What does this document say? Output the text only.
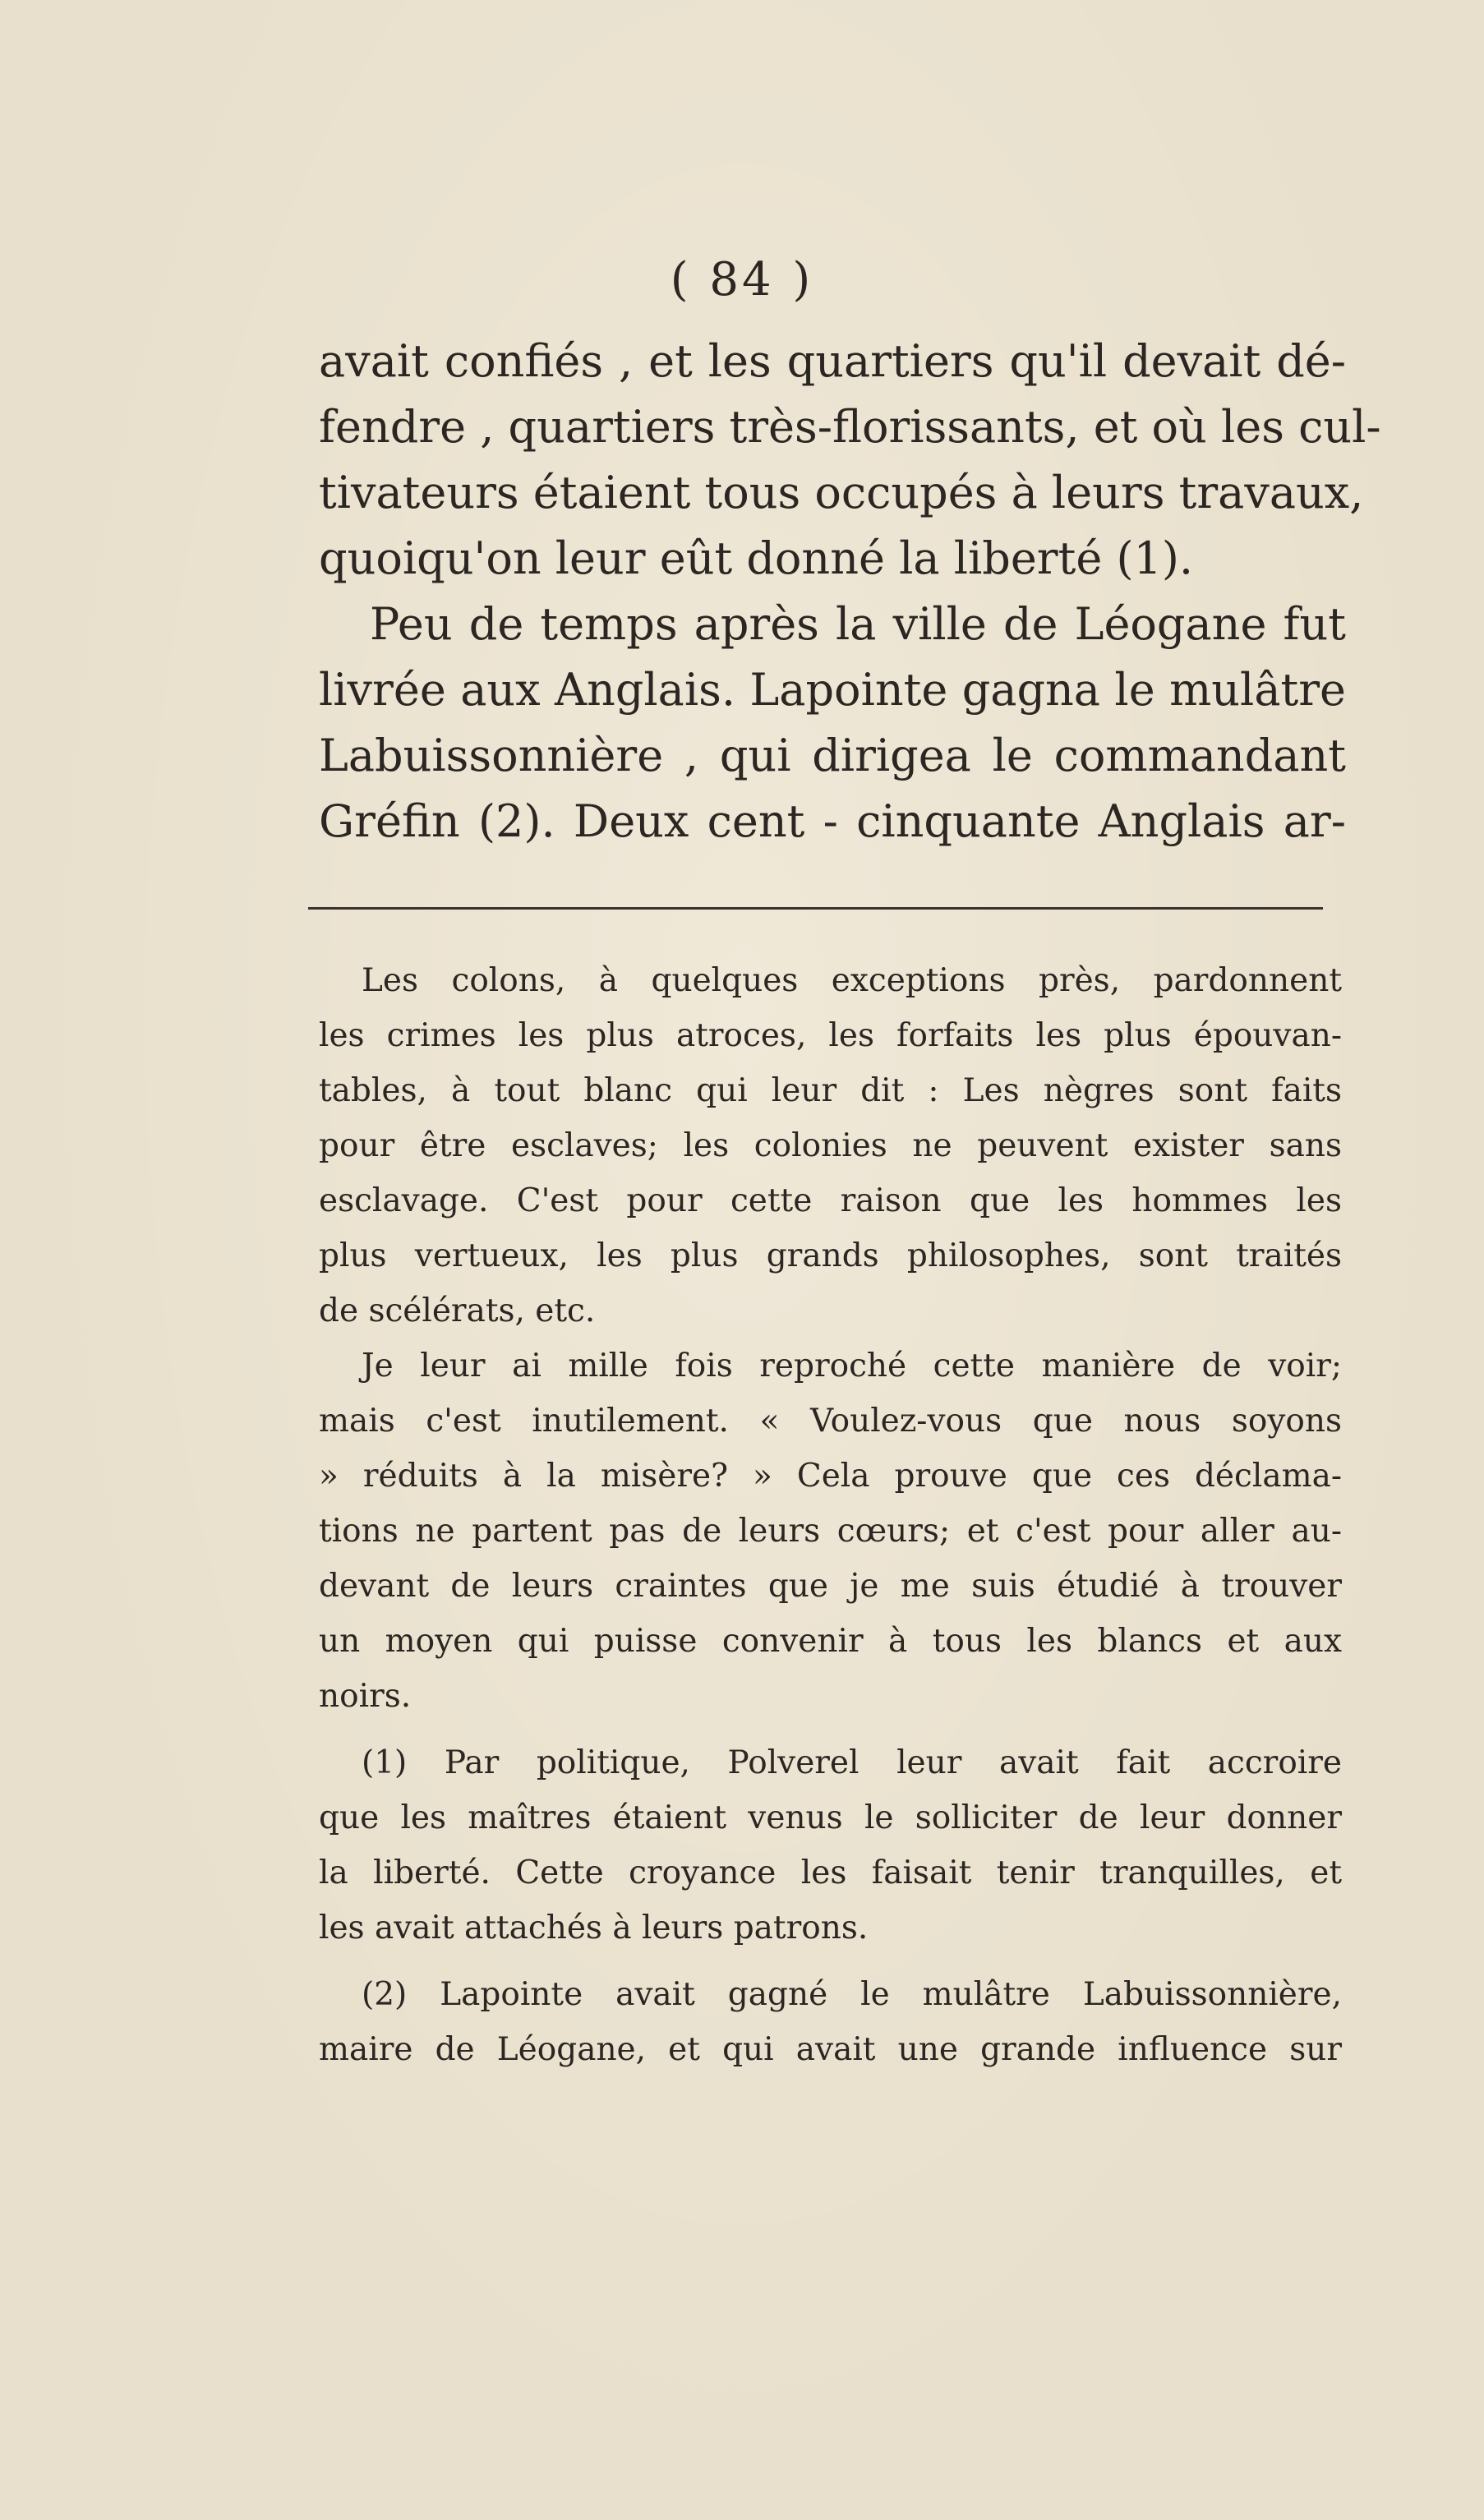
( 84 )
avait confiés , et les quartiers qu'il devait dé-
fendre , quartiers très-florissants, et où les cul-
tivateurs étaient tous occupés à leurs travaux,
quoiqu'on leur eût donné la liberté (1).
Peu de temps après la ville de Léogane fut
livrée aux Anglais. Lapointe gagna le mulâtre
Labuissonnière , qui dirigea le commandant
Gréfin (2). Deux cent - cinquante Anglais ar-
Les colons, à quelques exceptions près, pardonnent
les crimes les plus atroces, les forfaits les plus épouvan-
tables, à tout blanc qui leur dit : Les nègres sont faits
pour être esclaves; les colonies ne peuvent exister sans
esclavage. C'est pour cette raison que les hommes les
plus vertueux, les plus grands philosophes, sont traités
de scélérats, etc.
Je leur ai mille fois reproché cette manière de voir;
mais c'est inutilement. « Voulez-vous que nous soyons
» réduits à la misère? » Cela prouve que ces déclama-
tions ne partent pas de leurs cœurs; et c'est pour aller au-
devant de leurs craintes que je me suis étudié à trouver
un moyen qui puisse convenir à tous les blancs et aux
noirs.
(1) Par politique, Polverel leur avait fait accroire
que les maîtres étaient venus le solliciter de leur donner
la liberté. Cette croyance les faisait tenir tranquilles, et
les avait attachés à leurs patrons.
(2) Lapointe avait gagné le mulâtre Labuissonnière,
maire de Léogane, et qui avait une grande influence sur
